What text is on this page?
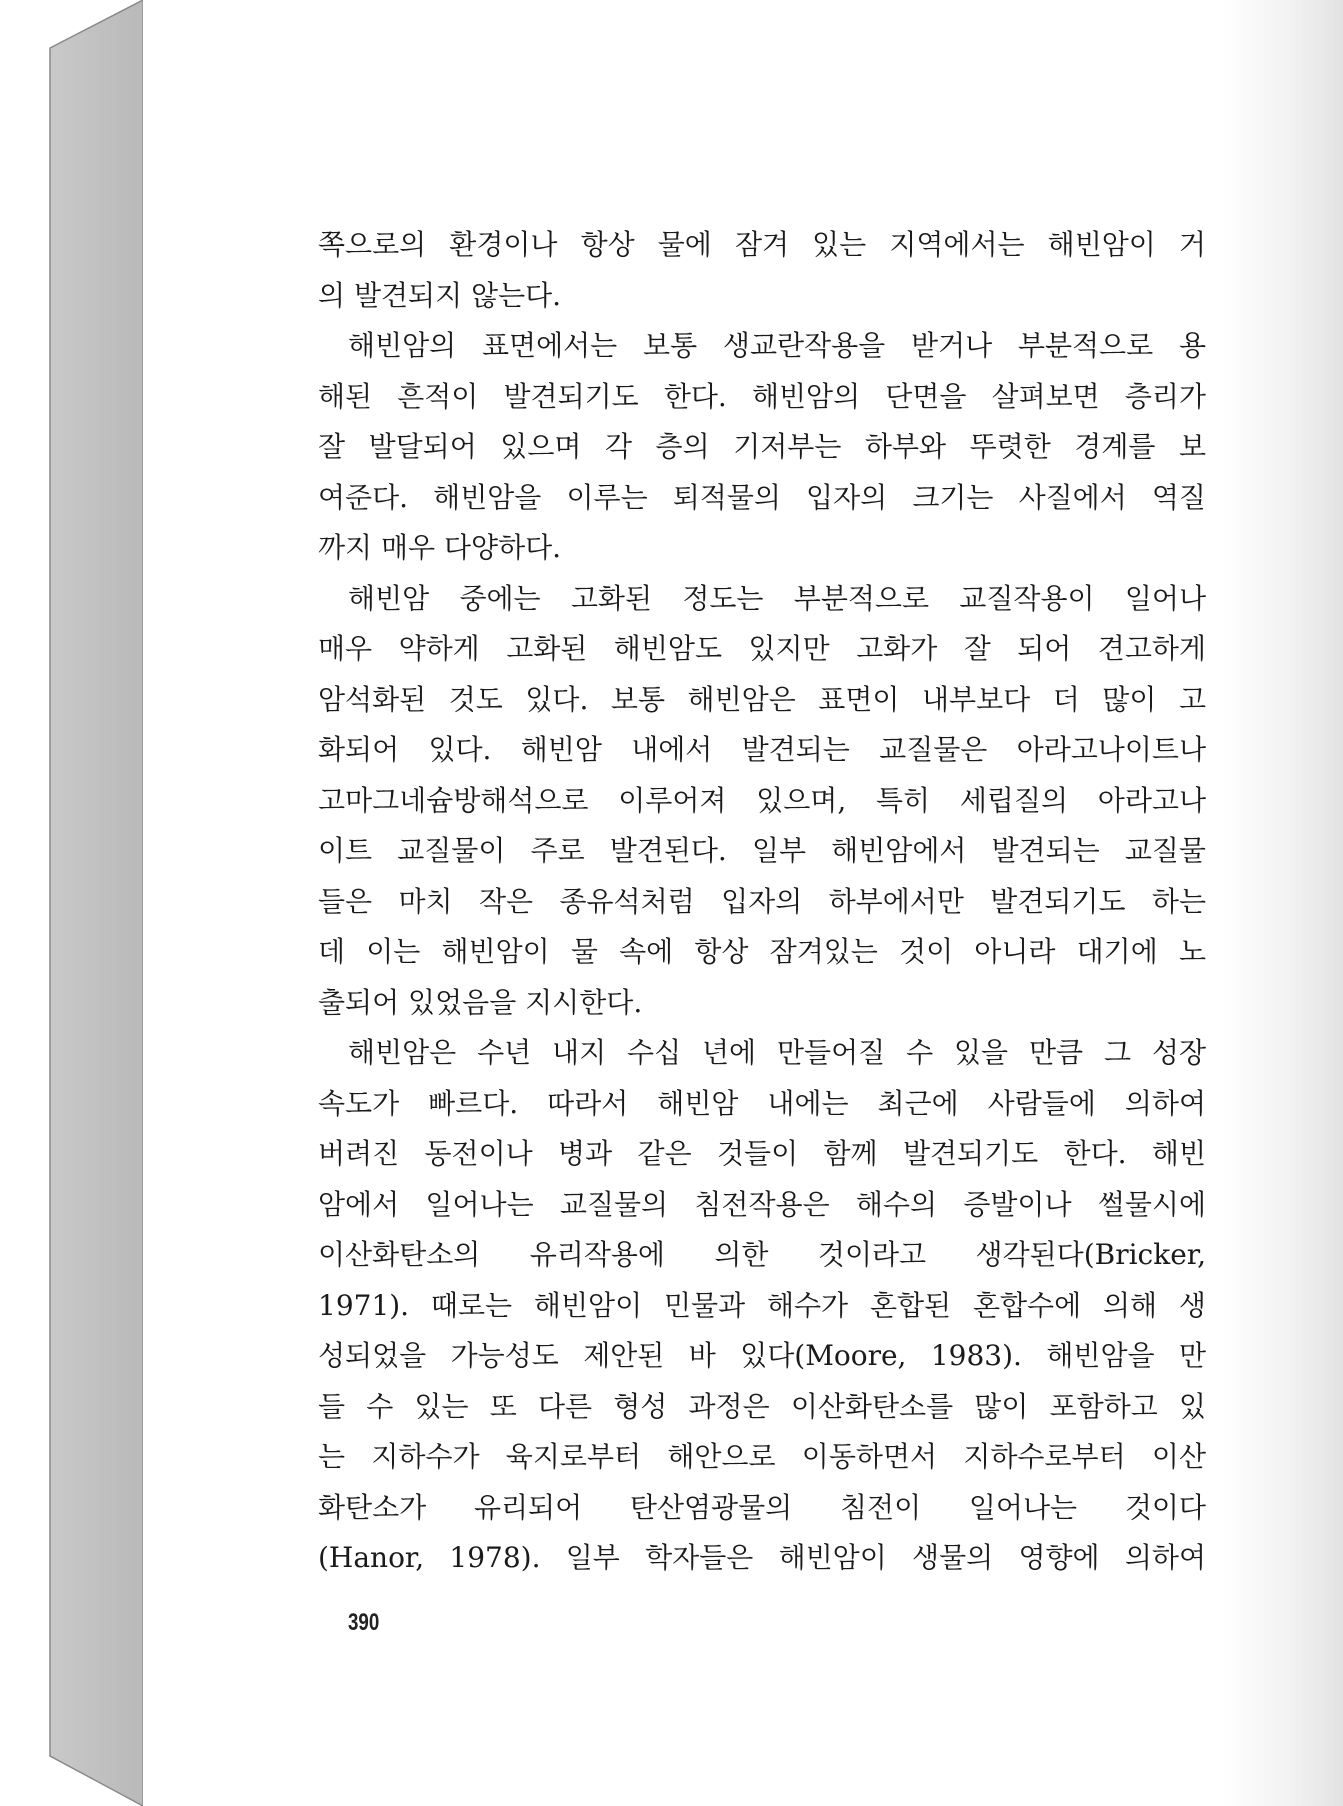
쪽으로의 환경이나 항상 물에 잠겨 있는 지역에서는 해빈암이 거
의 발견되지 않는다.
해빈암의 표면에서는 보통 생교란작용을 받거나 부분적으로 용
해된 흔적이 발견되기도 한다. 해빈암의 단면을 살펴보면 층리가
잘 발달되어 있으며 각 층의 기저부는 하부와 뚜렷한 경계를 보
여준다. 해빈암을 이루는 퇴적물의 입자의 크기는 사질에서 역질
까지 매우 다양하다.
해빈암 중에는 고화된 정도는 부분적으로 교질작용이 일어나
매우 약하게 고화된 해빈암도 있지만 고화가 잘 되어 견고하게
암석화된 것도 있다. 보통 해빈암은 표면이 내부보다 더 많이 고
화되어 있다. 해빈암 내에서 발견되는 교질물은 아라고나이트나
고마그네슘방해석으로 이루어져 있으며, 특히 세립질의 아라고나
이트 교질물이 주로 발견된다. 일부 해빈암에서 발견되는 교질물
들은 마치 작은 종유석처럼 입자의 하부에서만 발견되기도 하는
데 이는 해빈암이 물 속에 항상 잠겨있는 것이 아니라 대기에 노
출되어 있었음을 지시한다.
해빈암은 수년 내지 수십 년에 만들어질 수 있을 만큼 그 성장
속도가 빠르다. 따라서 해빈암 내에는 최근에 사람들에 의하여
버려진 동전이나 병과 같은 것들이 함께 발견되기도 한다. 해빈
암에서 일어나는 교질물의 침전작용은 해수의 증발이나 썰물시에
이산화탄소의 유리작용에 의한 것이라고 생각된다(Bricker,
1971). 때로는 해빈암이 민물과 해수가 혼합된 혼합수에 의해 생
성되었을 가능성도 제안된 바 있다(Moore, 1983). 해빈암을 만
들 수 있는 또 다른 형성 과정은 이산화탄소를 많이 포함하고 있
는 지하수가 육지로부터 해안으로 이동하면서 지하수로부터 이산
화탄소가 유리되어 탄산염광물의 침전이 일어나는 것이다
(Hanor, 1978). 일부 학자들은 해빈암이 생물의 영향에 의하여
390
